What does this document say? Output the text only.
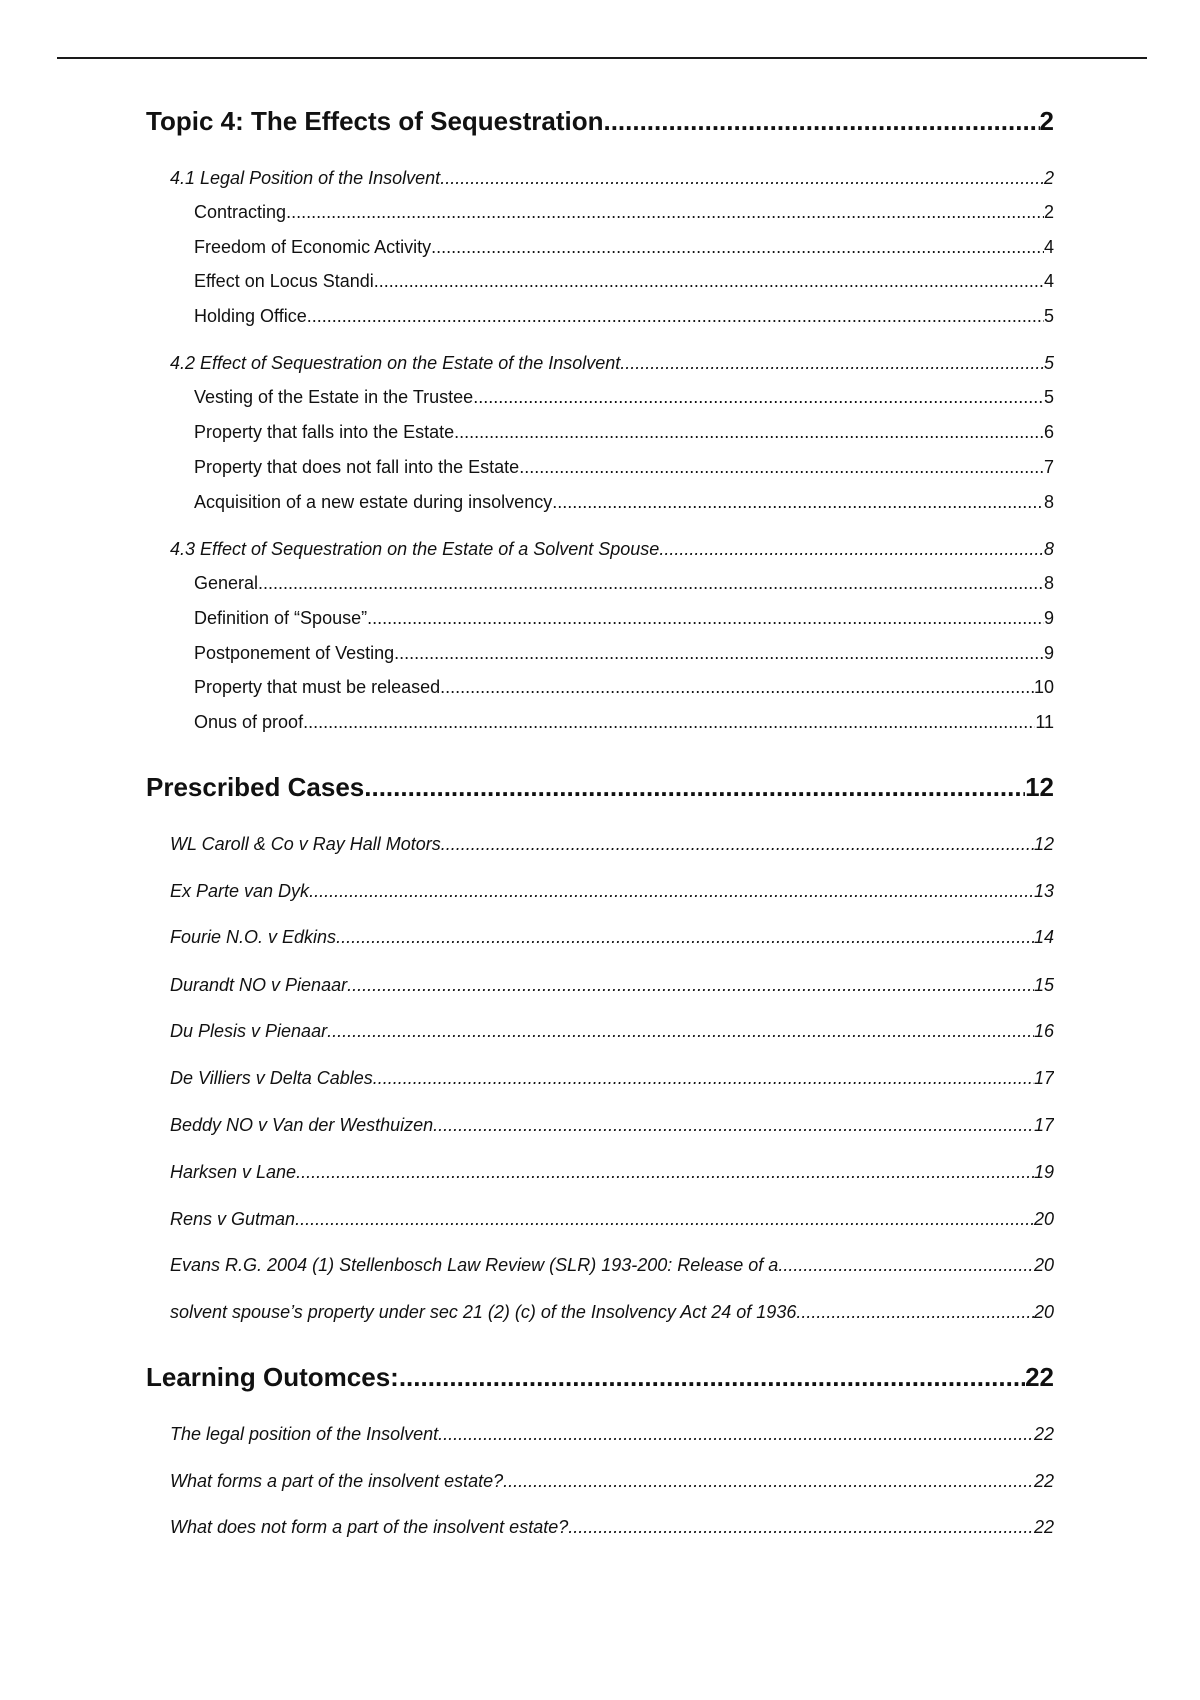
Topic 4: The Effects of Sequestration .....	2
4.1 Legal Position of the Insolvent .....	2
Contracting .....	2
Freedom of Economic Activity .....	4
Effect on Locus Standi .....	4
Holding Office .....	5
4.2 Effect of Sequestration on the Estate of the Insolvent .....	5
Vesting of the Estate in the Trustee .....	5
Property that falls into the Estate .....	6
Property that does not fall into the Estate .....	7
Acquisition of a new estate during insolvency .....	8
4.3 Effect of Sequestration on the Estate of a Solvent Spouse .....	8
General .....	8
Definition of “Spouse” .....	9
Postponement of Vesting .....	9
Property that must be released .....	10
Onus of proof .....	11
Prescribed Cases .....	12
WL Caroll & Co v Ray Hall Motors .....	12
Ex Parte van Dyk .....	13
Fourie N.O. v Edkins .....	14
Durandt NO v Pienaar .....	15
Du Plesis v Pienaar .....	16
De Villiers v Delta Cables .....	17
Beddy NO v Van der Westhuizen .....	17
Harksen v Lane .....	19
Rens v Gutman .....	20
Evans R.G. 2004 (1) Stellenbosch Law Review (SLR) 193-200: Release of a .....	20
solvent spouse’s property under sec 21 (2) (c) of the Insolvency Act 24 of 1936 .....	20
Learning Outomces: .....	22
The legal position of the Insolvent .....	22
What forms a part of the insolvent estate? .....	22
What does not form a part of the insolvent estate? .....	22
